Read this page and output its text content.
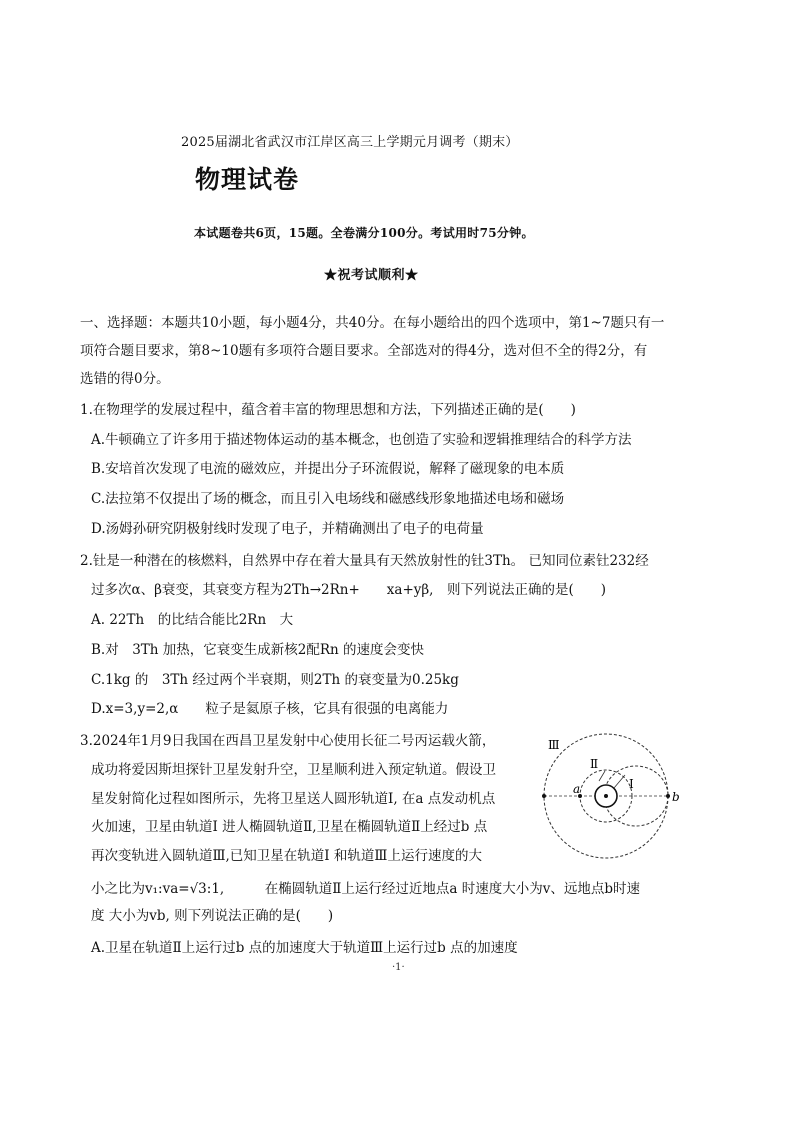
2025届湖北省武汉市江岸区高三上学期元月调考（期末）
物理试卷
本试题卷共6页，15题。全卷满分100分。考试用时75分钟。
★祝考试顺利★
一、选择题：本题共10小题，每小题4分，共40分。在每小题给出的四个选项中，第1~7题只有一
项符合题目要求，第8~10题有多项符合题目要求。全部选对的得4分，选对但不全的得2分，有
选错的得0分。
1.在物理学的发展过程中，蕴含着丰富的物理思想和方法，下列描述正确的是(　　)
A.牛顿确立了许多用于描述物体运动的基本概念，也创造了实验和逻辑推理结合的科学方法
B.安培首次发现了电流的磁效应，并提出分子环流假说，解释了磁现象的电本质
C.法拉第不仅提出了场的概念，而且引入电场线和磁感线形象地描述电场和磁场
D.汤姆孙研究阴极射线时发现了电子，并精确测出了电子的电荷量
2.钍是一种潜在的核燃料，自然界中存在着大量具有天然放射性的钍3Th。 已知同位素钍232经
过多次α、β衰变，其衰变方程为2Th→2Rn+　　xa+yβ,　则下列说法正确的是(　　)
A. 22Th　的比结合能比2Rn　大
B.对　3Th 加热，它衰变生成新核2配Rn 的速度会变快
C.1kg 的　3Th 经过两个半衰期，则2Th 的衰变量为0.25kg
D.x=3,y=2,α　　粒子是氦原子核，它具有很强的电离能力
3.2024年1月9日我国在西昌卫星发射中心使用长征二号丙运载火箭，
成功将爱因斯坦探针卫星发射升空，卫星顺利进入预定轨道。假设卫
星发射简化过程如图所示，先将卫星送人圆形轨道I, 在a 点发动机点
火加速，卫星由轨道I 进人椭圆轨道Ⅱ,卫星在椭圆轨道Ⅱ上经过b 点
再次变轨进入圆轨道Ⅲ,已知卫星在轨道I 和轨道Ⅲ上运行速度的大
小之比为v₁:va=√3:1,　　　在椭圆轨道Ⅱ上运行经过近地点a 时速度大小为v、远地点b时速
度 大小为vb, 则下列说法正确的是(　　)
A.卫星在轨道Ⅱ上运行过b 点的加速度大于轨道Ⅲ上运行过b 点的加速度
Ⅲ
Ⅱ
I
a
b
·1·
